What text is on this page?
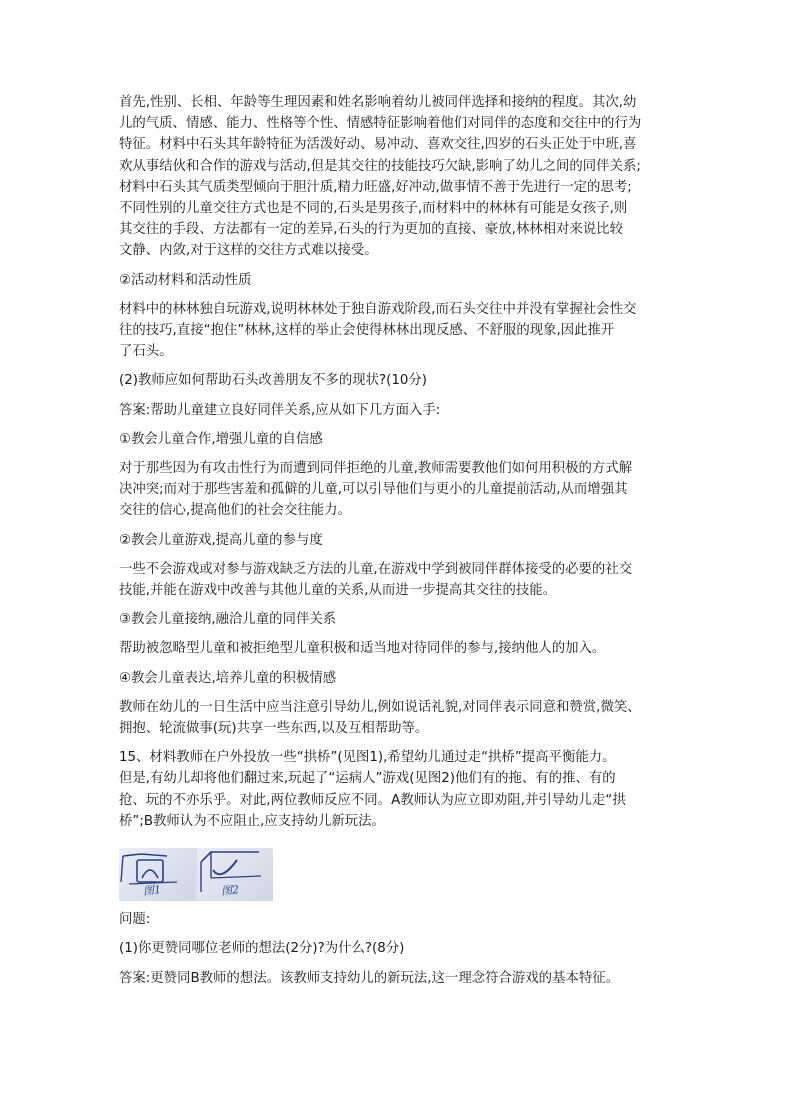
首先,性别、长相、年龄等生理因素和姓名影响着幼儿被同伴选择和接纳的程度。其次,幼

儿的气质、情感、能力、性格等个性、情感特征影响着他们对同伴的态度和交往中的行为

特征。材料中石头其年龄特征为活泼好动、易冲动、喜欢交往,四岁的石头正处于中班,喜

欢从事结伙和合作的游戏与活动,但是其交往的技能技巧欠缺,影响了幼儿之间的同伴关系;

材料中石头其气质类型倾向于胆汁质,精力旺盛,好冲动,做事情不善于先进行一定的思考;

不同性别的儿童交往方式也是不同的,石头是男孩子,而材料中的林林有可能是女孩子,则

其交往的手段、方法都有一定的差异,石头的行为更加的直接、豪放,林林相对来说比较

文静、内敛,对于这样的交往方式难以接受。

②活动材料和活动性质

材料中的林林独自玩游戏,说明林林处于独自游戏阶段,而石头交往中并没有掌握社会性交

往的技巧,直接“抱住”林林,这样的举止会使得林林出现反感、不舒服的现象,因此推开

了石头。

(2)教师应如何帮助石头改善朋友不多的现状?(10分)

答案:帮助儿童建立良好同伴关系,应从如下几方面入手:

①教会儿童合作,增强儿童的自信感

对于那些因为有攻击性行为而遭到同伴拒绝的儿童,教师需要教他们如何用积极的方式解

决冲突;而对于那些害羞和孤僻的儿童,可以引导他们与更小的儿童提前活动,从而增强其

交往的信心,提高他们的社会交往能力。

②教会儿童游戏,提高儿童的参与度

一些不会游戏或对参与游戏缺乏方法的儿童,在游戏中学到被同伴群体接受的必要的社交

技能,并能在游戏中改善与其他儿童的关系,从而进一步提高其交往的技能。

③教会儿童接纳,融洽儿童的同伴关系

帮助被忽略型儿童和被拒绝型儿童积极和适当地对待同伴的参与,接纳他人的加入。

④教会儿童表达,培养儿童的积极情感

教师在幼儿的一日生活中应当注意引导幼儿,例如说话礼貌,对同伴表示同意和赞赏,微笑、

拥抱、轮流做事(玩)共享一些东西,以及互相帮助等。

15、材料教师在户外投放一些“拱桥”(见图1),希望幼儿通过走“拱桥”提高平衡能力。

但是,有幼儿却将他们翻过来,玩起了“运病人”游戏(见图2)他们有的拖、有的推、有的

抢、玩的不亦乐乎。对此,两位教师反应不同。A教师认为应立即劝阻,并引导幼儿走“拱

桥”;B教师认为不应阻止,应支持幼儿新玩法。

图1	图2

问题:

(1)你更赞同哪位老师的想法(2分)?为什么?(8分)

答案:更赞同B教师的想法。该教师支持幼儿的新玩法,这一理念符合游戏的基本特征。
